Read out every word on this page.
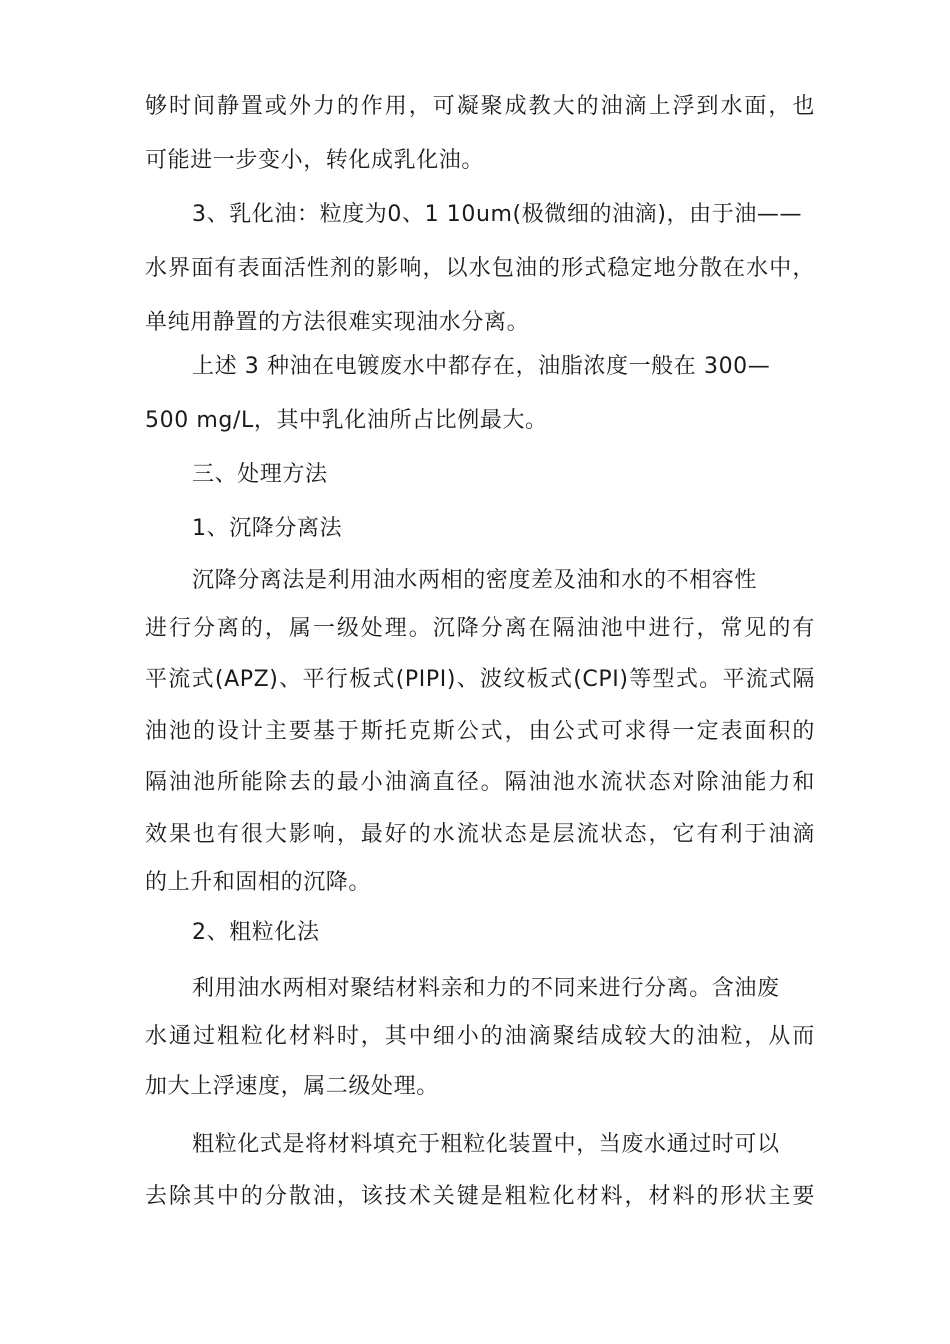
够时间静置或外力的作用，可凝聚成教大的油滴上浮到水面，也
可能进一步变小，转化成乳化油。
3、乳化油：粒度为0、1 10um(极微细的油滴)，由于油——
水界面有表面活性剂的影响，以水包油的形式稳定地分散在水中，
单纯用静置的方法很难实现油水分离。
上述 3 种油在电镀废水中都存在，油脂浓度一般在 300—
500 mg/L，其中乳化油所占比例最大。
三、处理方法
1、沉降分离法
沉降分离法是利用油水两相的密度差及油和水的不相容性
进行分离的，属一级处理。沉降分离在隔油池中进行，常见的有
平流式(APZ)、平行板式(PIPI)、波纹板式(CPI)等型式。平流式隔
油池的设计主要基于斯托克斯公式，由公式可求得一定表面积的
隔油池所能除去的最小油滴直径。隔油池水流状态对除油能力和
效果也有很大影响，最好的水流状态是层流状态，它有利于油滴
的上升和固相的沉降。
2、粗粒化法
利用油水两相对聚结材料亲和力的不同来进行分离。含油废
水通过粗粒化材料时，其中细小的油滴聚结成较大的油粒，从而
加大上浮速度，属二级处理。
粗粒化式是将材料填充于粗粒化装置中，当废水通过时可以
去除其中的分散油，该技术关键是粗粒化材料，材料的形状主要
